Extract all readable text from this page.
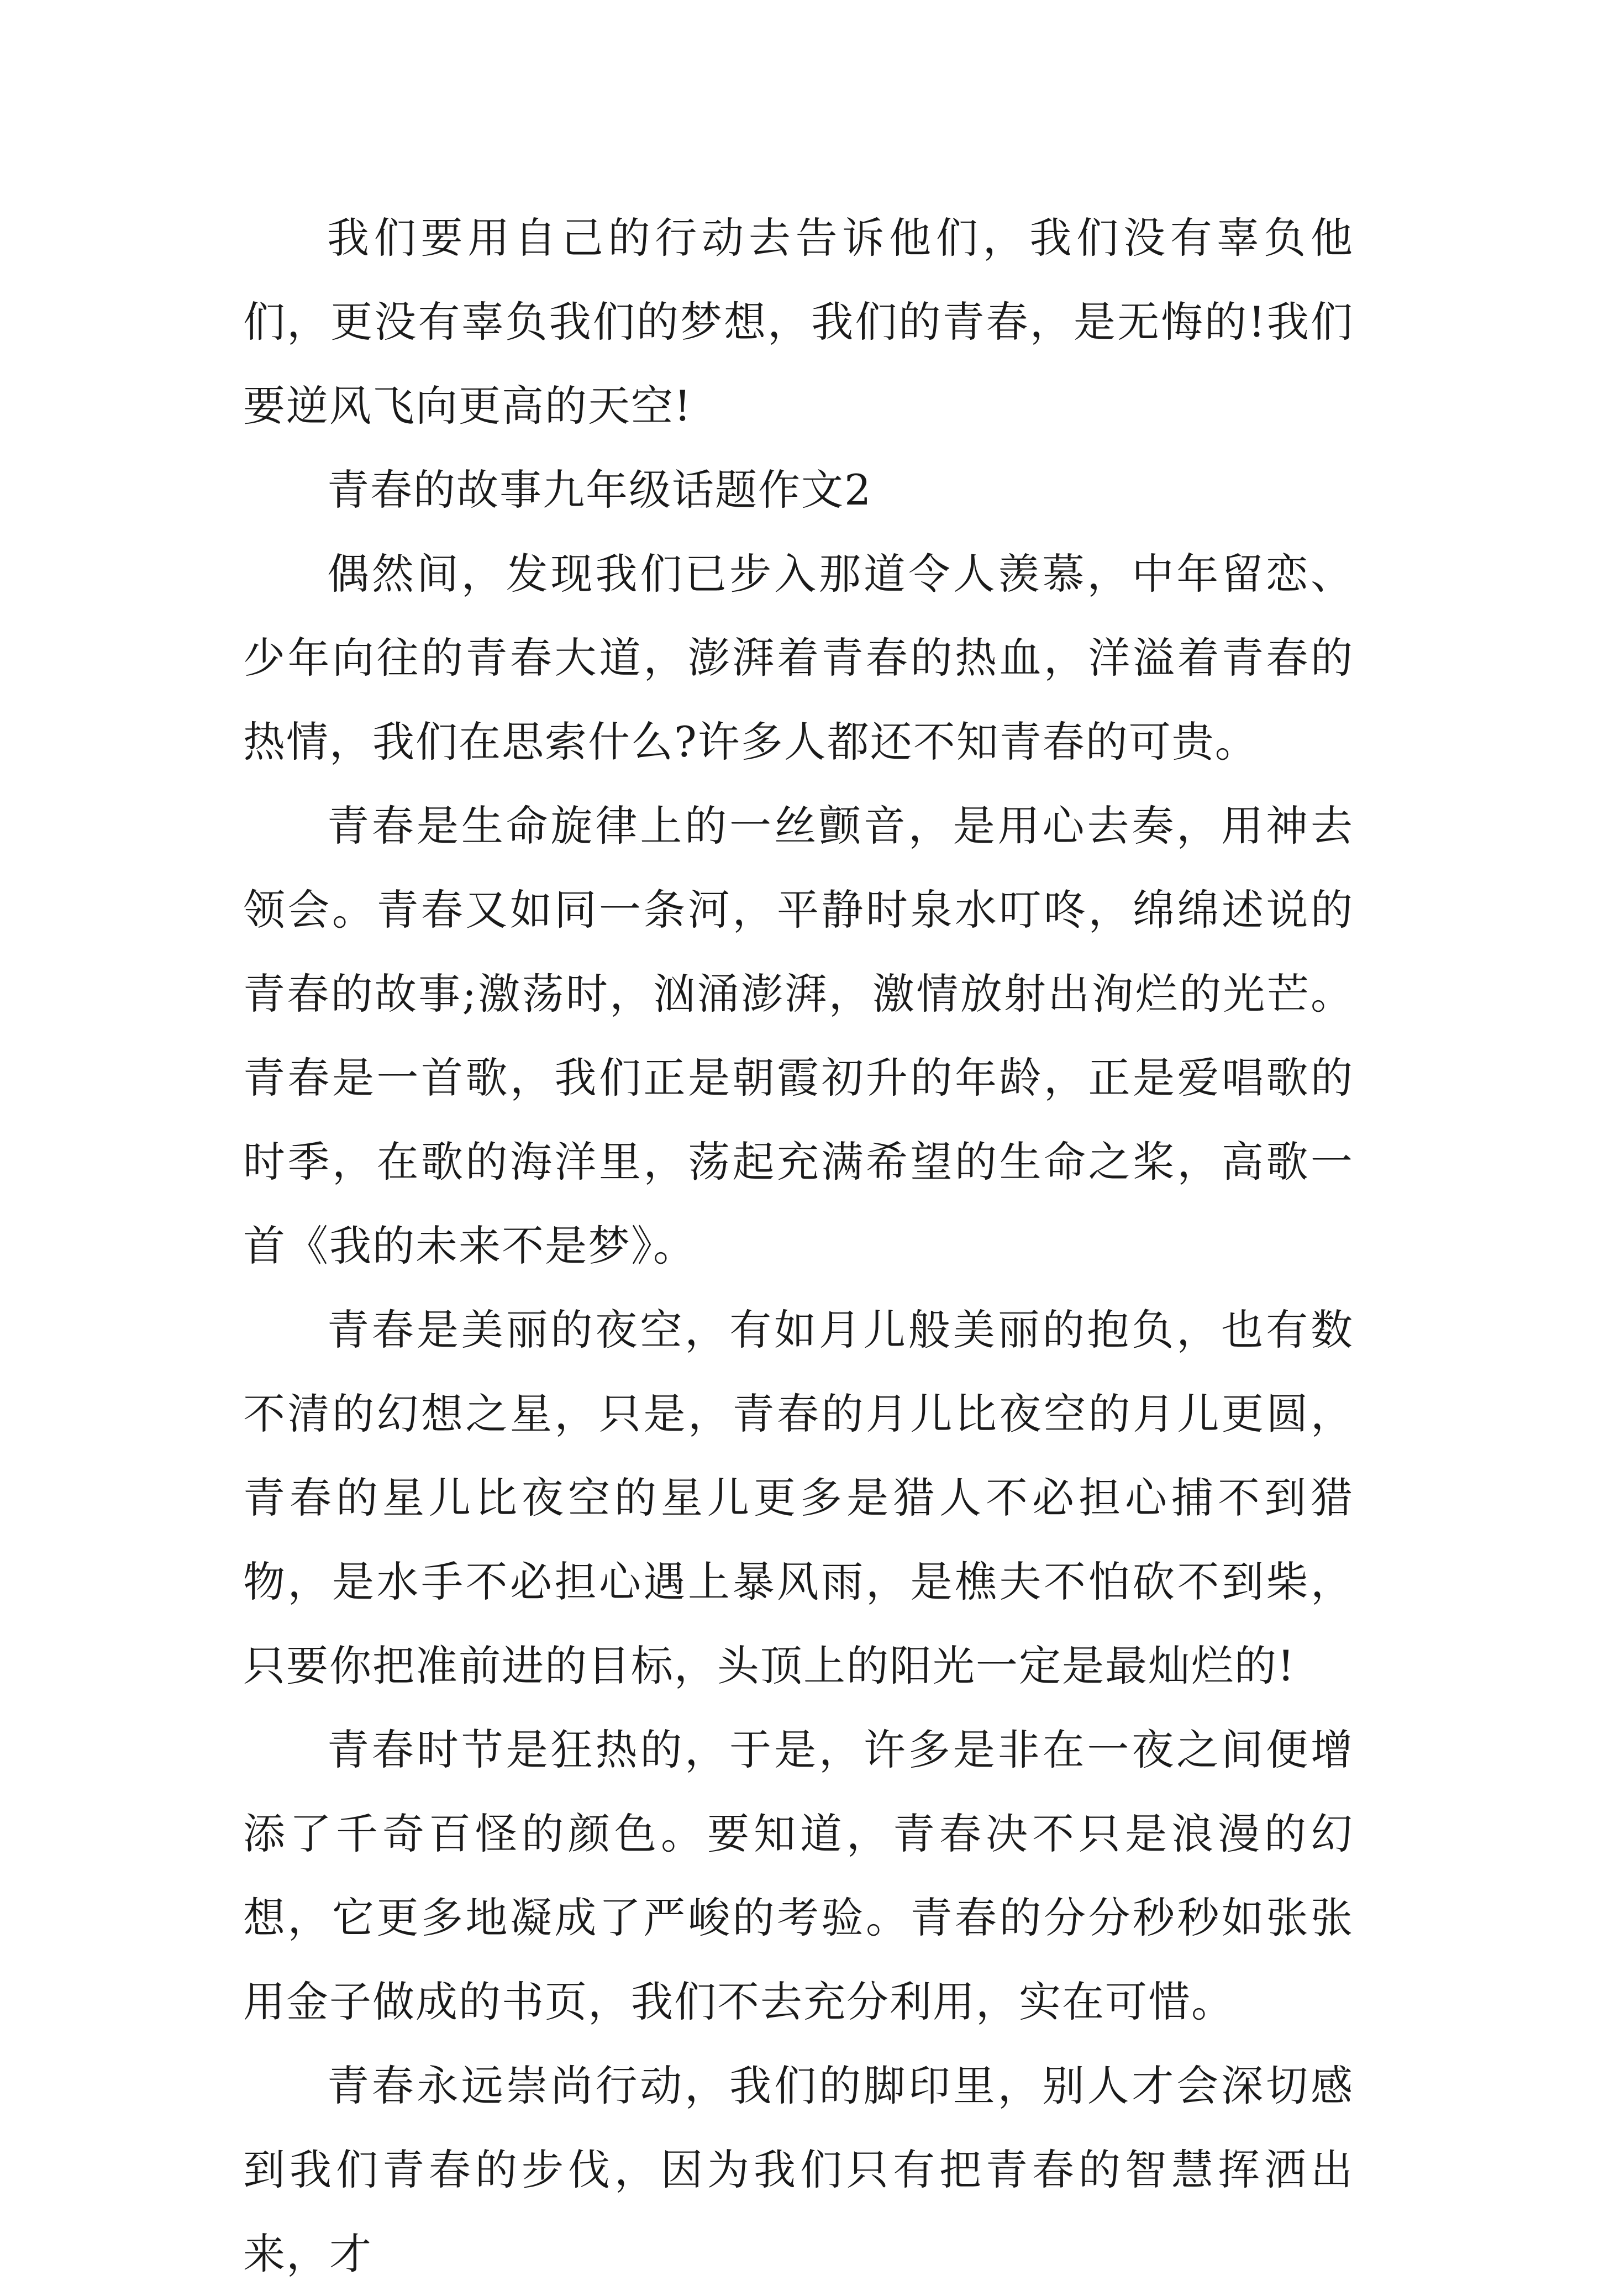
我们要用自己的行动去告诉他们，我们没有辜负他们，更没有辜负我们的梦想，我们的青春，是无悔的!我们要逆风飞向更高的天空!

青春的故事九年级话题作文2

偶然间，发现我们已步入那道令人羡慕，中年留恋、少年向往的青春大道，澎湃着青春的热血，洋溢着青春的热情，我们在思索什么?许多人都还不知青春的可贵。

青春是生命旋律上的一丝颤音，是用心去奏，用神去领会。青春又如同一条河，平静时泉水叮咚，绵绵述说的青春的故事;激荡时，汹涌澎湃，激情放射出洵烂的光芒。青春是一首歌，我们正是朝霞初升的年龄，正是爱唱歌的时季，在歌的海洋里，荡起充满希望的生命之桨，高歌一首《我的未来不是梦》。

青春是美丽的夜空，有如月儿般美丽的抱负，也有数不清的幻想之星，只是，青春的月儿比夜空的月儿更圆，青春的星儿比夜空的星儿更多是猎人不必担心捕不到猎物，是水手不必担心遇上暴风雨，是樵夫不怕砍不到柴，只要你把准前进的目标，头顶上的阳光一定是最灿烂的!

青春时节是狂热的，于是，许多是非在一夜之间便增添了千奇百怪的颜色。要知道，青春决不只是浪漫的幻想，它更多地凝成了严峻的考验。青春的分分秒秒如张张用金子做成的书页，我们不去充分利用，实在可惜。

青春永远崇尚行动，我们的脚印里，别人才会深切感到我们青春的步伐，因为我们只有把青春的智慧挥洒出来，才
